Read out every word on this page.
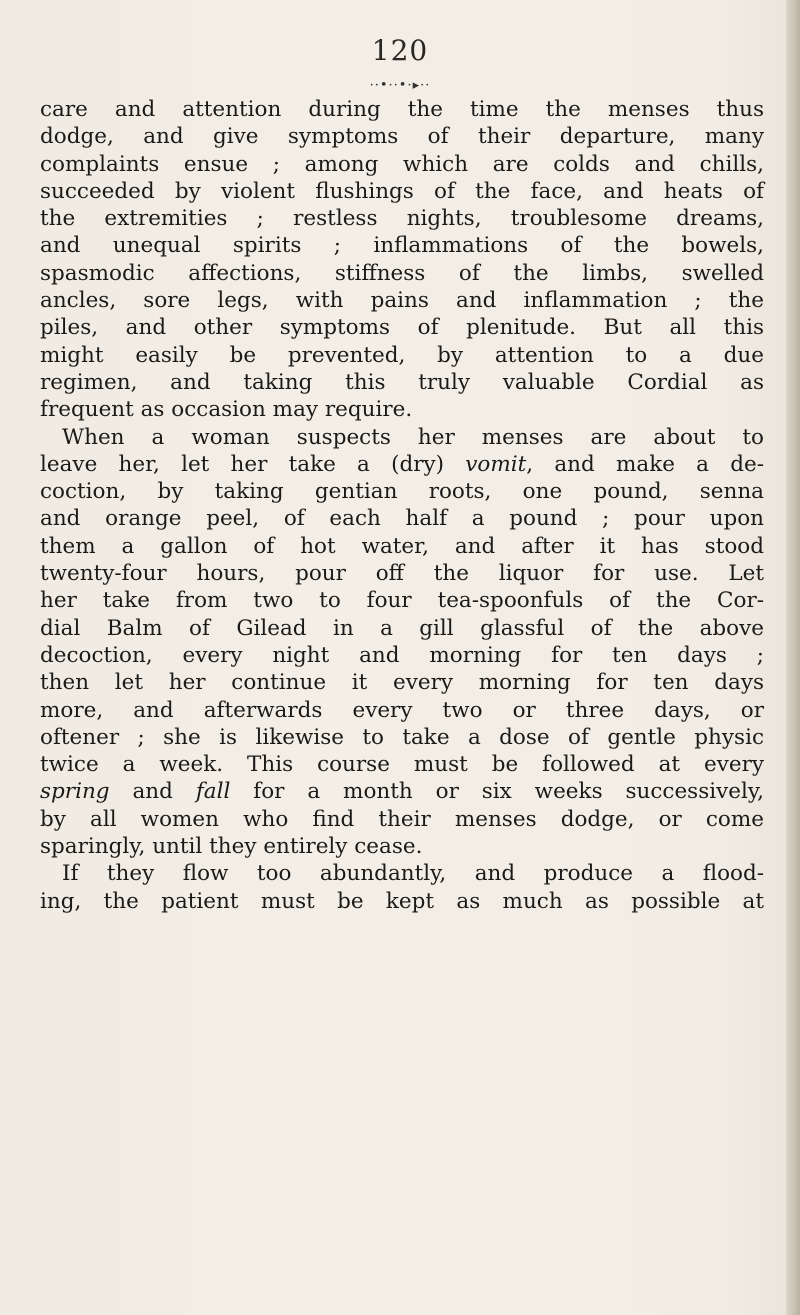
120
··•··•·▸··
care and attention during the time the menses thus
dodge, and give symptoms of their departure, many
complaints ensue ; among which are colds and chills,
succeeded by violent flushings of the face, and heats of
the extremities ; restless nights, troublesome dreams,
and unequal spirits ; inflammations of the bowels,
spasmodic affections, stiffness of the limbs, swelled
ancles, sore legs, with pains and inflammation ; the
piles, and other symptoms of plenitude. But all this
might easily be prevented, by attention to a due
regimen, and taking this truly valuable Cordial as
frequent as occasion may require.
When a woman suspects her menses are about to
leave her, let her take a (dry) vomit, and make a de-
coction, by taking gentian roots, one pound, senna
and orange peel, of each half a pound ; pour upon
them a gallon of hot water, and after it has stood
twenty-four hours, pour off the liquor for use. Let
her take from two to four tea-spoonfuls of the Cor-
dial Balm of Gilead in a gill glassful of the above
decoction, every night and morning for ten days ;
then let her continue it every morning for ten days
more, and afterwards every two or three days, or
oftener ; she is likewise to take a dose of gentle physic
twice a week. This course must be followed at every
spring and fall for a month or six weeks successively,
by all women who find their menses dodge, or come
sparingly, until they entirely cease.
If they flow too abundantly, and produce a flood-
ing, the patient must be kept as much as possible at
